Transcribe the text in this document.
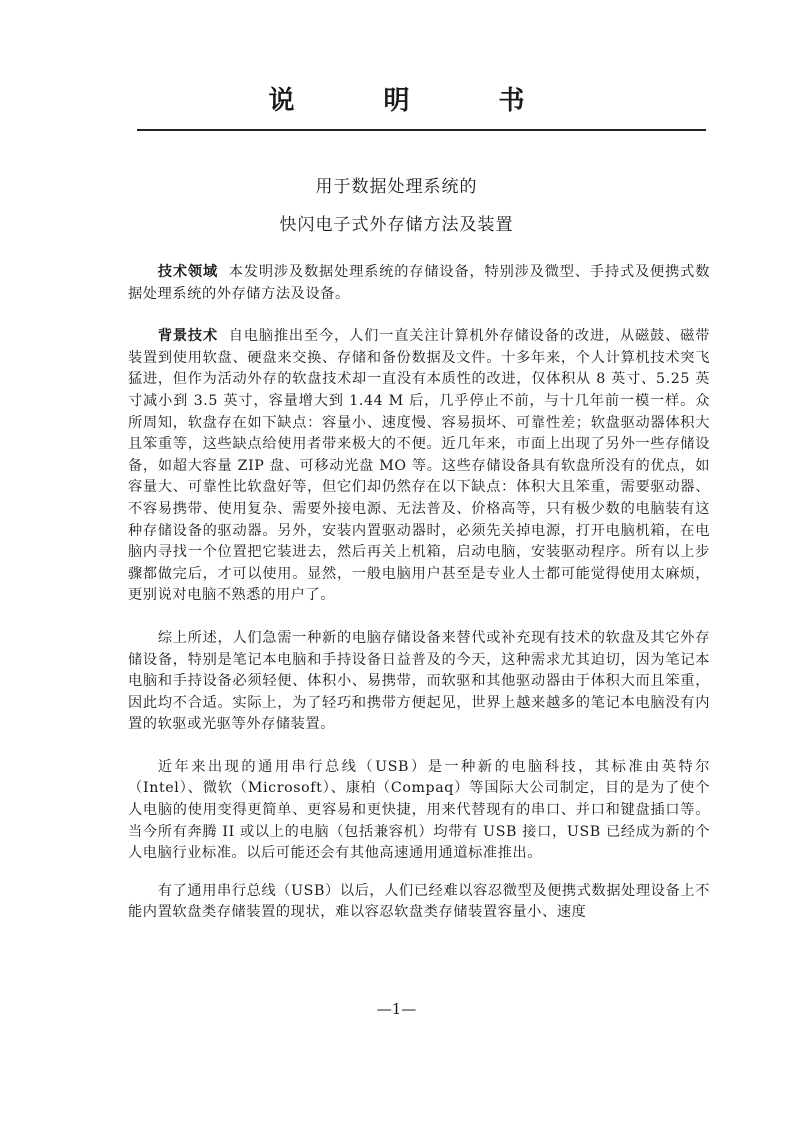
说 明 书
用于数据处理系统的
快闪电子式外存储方法及装置

技术领域 本发明涉及数据处理系统的存储设备，特别涉及微型、手持式及便携式数据处理系统的外存储方法及设备。

背景技术 自电脑推出至今，人们一直关注计算机外存储设备的改进，从磁鼓、磁带装置到使用软盘、硬盘来交换、存储和备份数据及文件。十多年来，个人计算机技术突飞猛进，但作为活动外存的软盘技术却一直没有本质性的改进，仅体积从 8 英寸、5.25 英寸减小到 3.5 英寸，容量增大到 1.44 M 后，几乎停止不前，与十几年前一模一样。众所周知，软盘存在如下缺点：容量小、速度慢、容易损坏、可靠性差；软盘驱动器体积大且笨重等，这些缺点给使用者带来极大的不便。近几年来，市面上出现了另外一些存储设备，如超大容量 ZIP 盘、可移动光盘 MO 等。这些存储设备具有软盘所没有的优点，如容量大、可靠性比软盘好等，但它们却仍然存在以下缺点：体积大且笨重，需要驱动器、不容易携带、使用复杂、需要外接电源、无法普及、价格高等，只有极少数的电脑装有这种存储设备的驱动器。另外，安装内置驱动器时，必须先关掉电源，打开电脑机箱，在电脑内寻找一个位置把它装进去，然后再关上机箱，启动电脑，安装驱动程序。所有以上步骤都做完后，才可以使用。显然，一般电脑用户甚至是专业人士都可能觉得使用太麻烦，更别说对电脑不熟悉的用户了。

综上所述，人们急需一种新的电脑存储设备来替代或补充现有技术的软盘及其它外存储设备，特别是笔记本电脑和手持设备日益普及的今天，这种需求尤其迫切，因为笔记本电脑和手持设备必须轻便、体积小、易携带，而软驱和其他驱动器由于体积大而且笨重，因此均不合适。实际上，为了轻巧和携带方便起见，世界上越来越多的笔记本电脑没有内置的软驱或光驱等外存储装置。

近年来出现的通用串行总线（USB）是一种新的电脑科技，其标准由英特尔（Intel）、微软（Microsoft）、康柏（Compaq）等国际大公司制定，目的是为了使个人电脑的使用变得更简单、更容易和更快捷，用来代替现有的串口、并口和键盘插口等。当今所有奔腾 II 或以上的电脑（包括兼容机）均带有 USB 接口，USB 已经成为新的个人电脑行业标准。以后可能还会有其他高速通用通道标准推出。

有了通用串行总线（USB）以后，人们已经难以容忍微型及便携式数据处理设备上不能内置软盘类存储装置的现状，难以容忍软盘类存储装置容量小、速度

—1—
